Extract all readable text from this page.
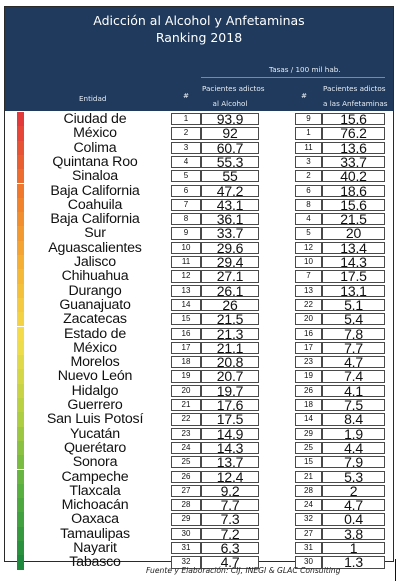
Adicción al Alcohol y Anfetaminas
Ranking 2018
Tasas / 100 mil hab.
Pacientes adictos
al Alcohol
Pacientes adictos
a las Anfetaminas
Entidad	#	#
Ciudad de	1	93.9	9	15.6
México	2	92	1	76.2
Colima	3	60.7	11	13.6
Quintana Roo	4	55.3	3	33.7
Sinaloa	5	55	2	40.2
Baja California	6	47.2	6	18.6
Coahuila	7	43.1	8	15.6
Baja California	8	36.1	4	21.5
Sur	9	33.7	5	20
Aguascalientes	10	29.6	12	13.4
Jalisco	11	29.4	10	14.3
Chihuahua	12	27.1	7	17.5
Durango	13	26.1	13	13.1
Guanajuato	14	26	22	5.1
Zacatecas	15	21.5	20	5.4
Estado de	16	21.3	16	7.8
México	17	21.1	17	7.7
Morelos	18	20.8	23	4.7
Nuevo León	19	20.7	19	7.4
Hidalgo	20	19.7	26	4.1
Guerrero	21	17.6	18	7.5
San Luis Potosí	22	17.5	14	8.4
Yucatán	23	14.9	29	1.9
Querétaro	24	14.3	25	4.4
Sonora	25	13.7	15	7.9
Campeche	26	12.4	21	5.3
Tlaxcala	27	9.2	28	2
Michoacán	28	7.7	24	4.7
Oaxaca	29	7.3	32	0.4
Tamaulipas	30	7.2	27	3.8
Nayarit	31	6.3	31	1
Tabasco	32	4.7	30	1.3
Fuente y Elaboración: CIJ, INEGI & GLAC Consulting
